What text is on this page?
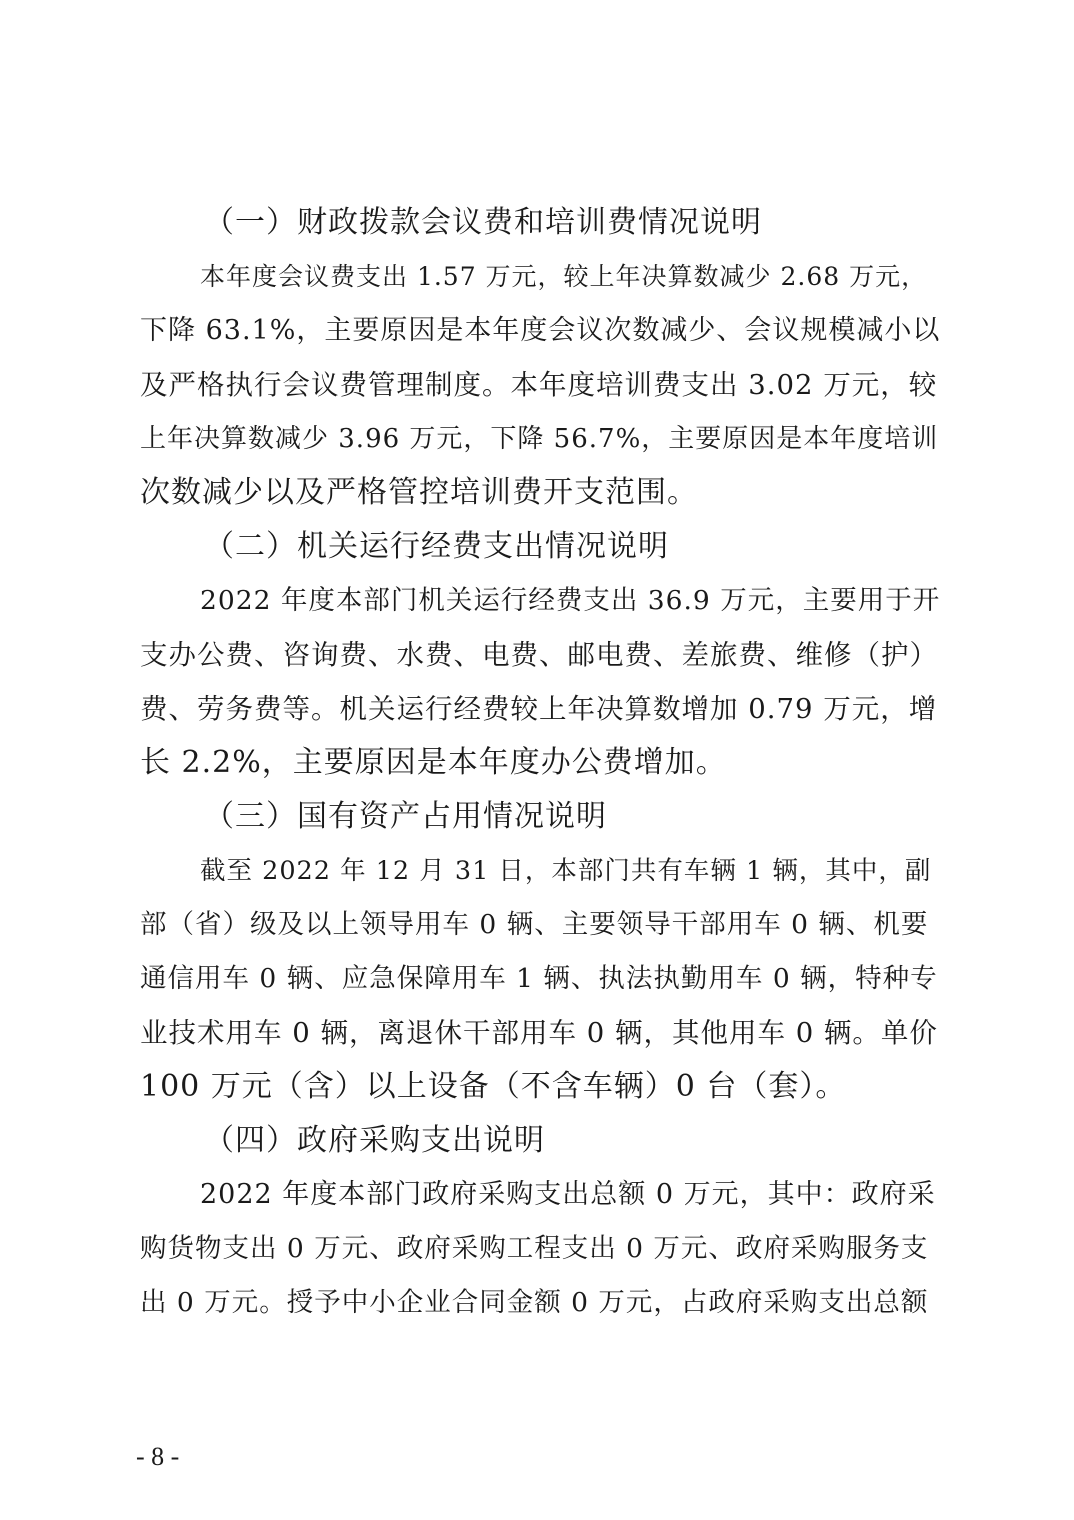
（一）财政拨款会议费和培训费情况说明
本年度会议费支出 1.57 万元，较上年决算数减少 2.68 万元，
下降 63.1%，主要原因是本年度会议次数减少、会议规模减小以
及严格执行会议费管理制度。本年度培训费支出 3.02 万元，较
上年决算数减少 3.96 万元，下降 56.7%，主要原因是本年度培训
次数减少以及严格管控培训费开支范围。
（二）机关运行经费支出情况说明
2022 年度本部门机关运行经费支出 36.9 万元，主要用于开
支办公费、咨询费、水费、电费、邮电费、差旅费、维修（护）
费、劳务费等。机关运行经费较上年决算数增加 0.79 万元，增
长 2.2%，主要原因是本年度办公费增加。
（三）国有资产占用情况说明
截至 2022 年 12 月 31 日，本部门共有车辆 1 辆，其中，副
部（省）级及以上领导用车 0 辆、主要领导干部用车 0 辆、机要
通信用车 0 辆、应急保障用车 1 辆、执法执勤用车 0 辆，特种专
业技术用车 0 辆，离退休干部用车 0 辆，其他用车 0 辆。单价
100 万元（含）以上设备（不含车辆）0 台（套）。
（四）政府采购支出说明
2022 年度本部门政府采购支出总额 0 万元，其中：政府采
购货物支出 0 万元、政府采购工程支出 0 万元、政府采购服务支
出 0 万元。授予中小企业合同金额 0 万元，占政府采购支出总额
- 8 -
